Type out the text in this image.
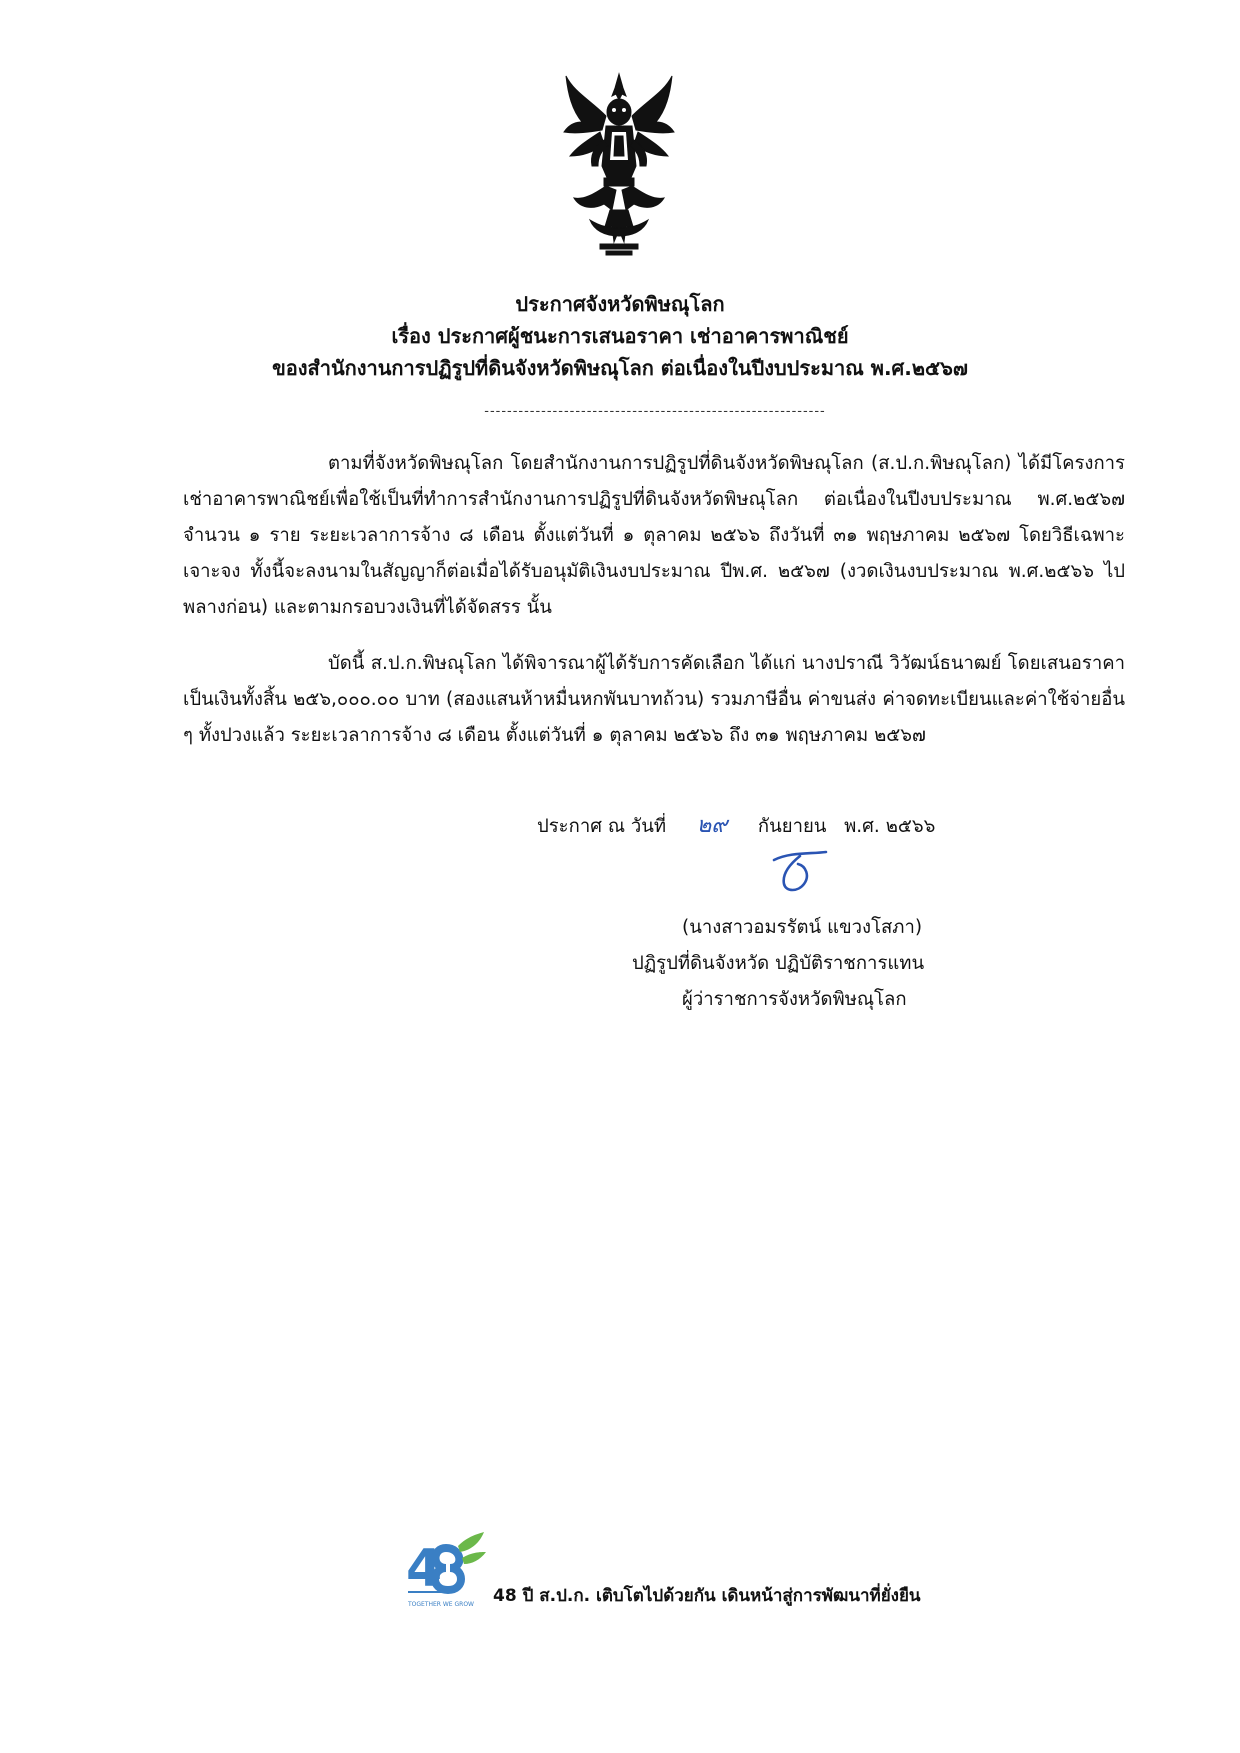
ประกาศจังหวัดพิษณุโลก
เรื่อง ประกาศผู้ชนะการเสนอราคา เช่าอาคารพาณิชย์
ของสำนักงานการปฏิรูปที่ดินจังหวัดพิษณุโลก ต่อเนื่องในปีงบประมาณ พ.ศ.๒๕๖๗
------------------------------------------------------------
ตามที่จังหวัดพิษณุโลก โดยสำนักงานการปฏิรูปที่ดินจังหวัดพิษณุโลก (ส.ป.ก.พิษณุโลก) ได้มีโครงการเช่าอาคารพาณิชย์เพื่อใช้เป็นที่ทำการสำนักงานการปฏิรูปที่ดินจังหวัดพิษณุโลก ต่อเนื่องในปีงบประมาณ พ.ศ.๒๕๖๗ จำนวน ๑ ราย ระยะเวลาการจ้าง ๘ เดือน ตั้งแต่วันที่ ๑ ตุลาคม ๒๕๖๖ ถึงวันที่ ๓๑ พฤษภาคม ๒๕๖๗ โดยวิธีเฉพาะเจาะจง ทั้งนี้จะลงนามในสัญญาก็ต่อเมื่อได้รับอนุมัติเงินงบประมาณ ปีพ.ศ. ๒๕๖๗ (งวดเงินงบประมาณ พ.ศ.๒๕๖๖ ไปพลางก่อน) และตามกรอบวงเงินที่ได้จัดสรร นั้น
บัดนี้ ส.ป.ก.พิษณุโลก ได้พิจารณาผู้ได้รับการคัดเลือก ได้แก่ นางปราณี วิวัฒน์ธนาฒย์ โดยเสนอราคา เป็นเงินทั้งสิ้น ๒๕๖,๐๐๐.๐๐ บาท (สองแสนห้าหมื่นหกพันบาทถ้วน) รวมภาษีอื่น ค่าขนส่ง ค่าจดทะเบียนและค่าใช้จ่ายอื่น ๆ ทั้งปวงแล้ว ระยะเวลาการจ้าง ๘ เดือน ตั้งแต่วันที่ ๑ ตุลาคม ๒๕๖๖ ถึง ๓๑ พฤษภาคม ๒๕๖๗
ประกาศ ณ วันที่ ๒๙ กันยายน พ.ศ. ๒๕๖๖
(นางสาวอมรรัตน์ แขวงโสภา)
ปฏิรูปที่ดินจังหวัด ปฏิบัติราชการแทน
ผู้ว่าราชการจังหวัดพิษณุโลก
4
TOGETHER WE GROW 48 ปี ส.ป.ก. เติบโตไปด้วยกัน เดินหน้าสู่การพัฒนาที่ยั่งยืน
